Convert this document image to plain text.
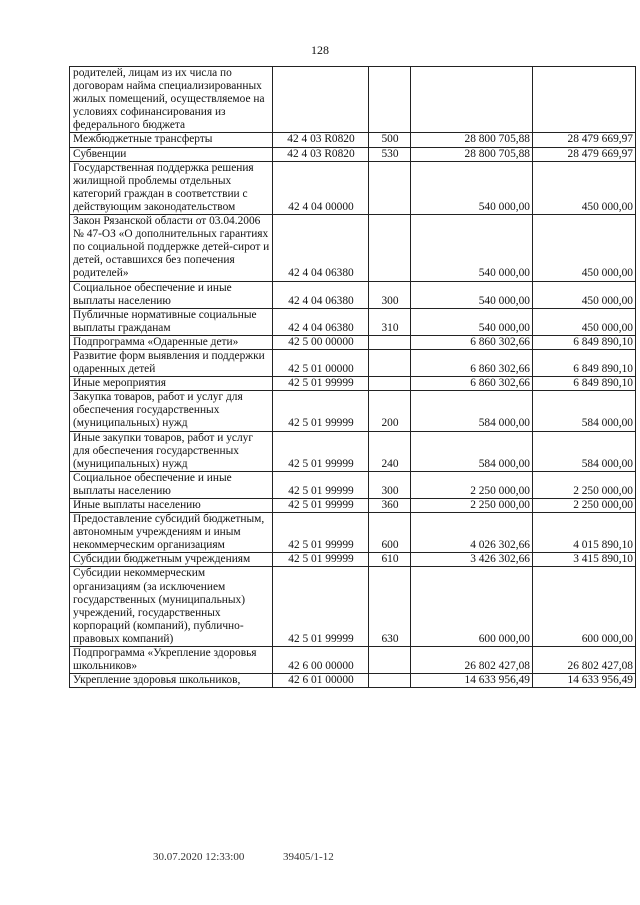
128
родителей, лицам из их числа по договорам найма специализированных жилых помещений, осуществляемое на условиях софинансирования из федерального бюджета				
Межбюджетные трансферты	42 4 03 R0820	500	28 800 705,88	28 479 669,97
Субвенции	42 4 03 R0820	530	28 800 705,88	28 479 669,97
Государственная поддержка решения жилищной проблемы отдельных категорий граждан в соответствии с действующим законодательством	42 4 04 00000		540 000,00	450 000,00
Закон Рязанской области от 03.04.2006 № 47-ОЗ «О дополнительных гарантиях по социальной поддержке детей-сирот и детей, оставшихся без попечения родителей»	42 4 04 06380		540 000,00	450 000,00
Социальное обеспечение и иные выплаты населению	42 4 04 06380	300	540 000,00	450 000,00
Публичные нормативные социальные выплаты гражданам	42 4 04 06380	310	540 000,00	450 000,00
Подпрограмма «Одаренные дети»	42 5 00 00000		6 860 302,66	6 849 890,10
Развитие форм выявления и поддержки одаренных детей	42 5 01 00000		6 860 302,66	6 849 890,10
Иные мероприятия	42 5 01 99999		6 860 302,66	6 849 890,10
Закупка товаров, работ и услуг для обеспечения государственных (муниципальных) нужд	42 5 01 99999	200	584 000,00	584 000,00
Иные закупки товаров, работ и услуг для обеспечения государственных (муниципальных) нужд	42 5 01 99999	240	584 000,00	584 000,00
Социальное обеспечение и иные выплаты населению	42 5 01 99999	300	2 250 000,00	2 250 000,00
Иные выплаты населению	42 5 01 99999	360	2 250 000,00	2 250 000,00
Предоставление субсидий бюджетным, автономным учреждениям и иным некоммерческим организациям	42 5 01 99999	600	4 026 302,66	4 015 890,10
Субсидии бюджетным учреждениям	42 5 01 99999	610	3 426 302,66	3 415 890,10
Субсидии некоммерческим организациям (за исключением государственных (муниципальных) учреждений, государственных корпораций (компаний), публично-правовых компаний)	42 5 01 99999	630	600 000,00	600 000,00
Подпрограмма «Укрепление здоровья школьников»	42 6 00 00000		26 802 427,08	26 802 427,08
Укрепление здоровья школьников,	42 6 01 00000		14 633 956,49	14 633 956,49
30.07.2020 12:33:00	39405/1-12
